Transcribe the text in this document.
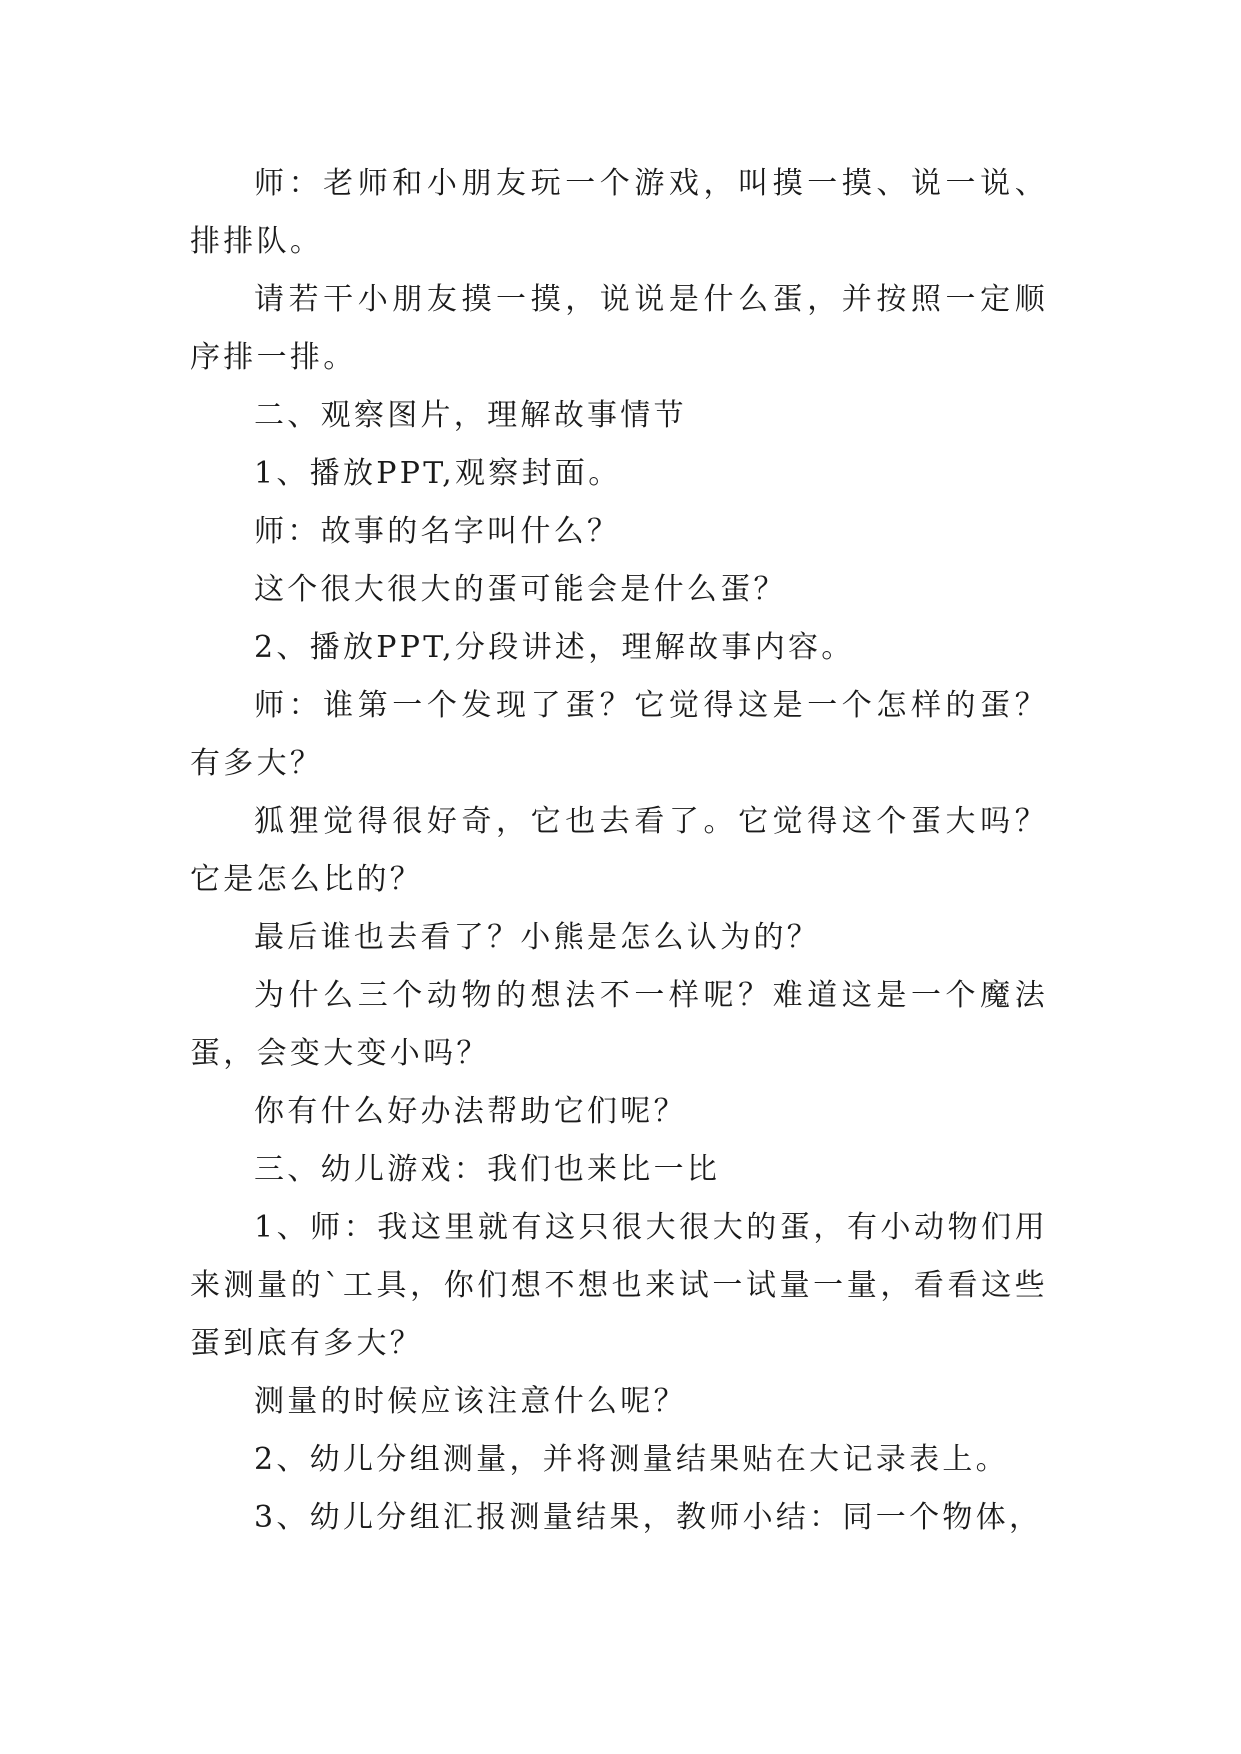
师：老师和小朋友玩一个游戏，叫摸一摸、说一说、排排队。

请若干小朋友摸一摸，说说是什么蛋，并按照一定顺序排一排。

二、观察图片，理解故事情节

1、播放PPT,观察封面。

师：故事的名字叫什么？

这个很大很大的蛋可能会是什么蛋？

2、播放PPT,分段讲述，理解故事内容。

师：谁第一个发现了蛋？它觉得这是一个怎样的蛋？有多大？

狐狸觉得很好奇，它也去看了。它觉得这个蛋大吗？它是怎么比的？

最后谁也去看了？小熊是怎么认为的？

为什么三个动物的想法不一样呢？难道这是一个魔法蛋，会变大变小吗？

你有什么好办法帮助它们呢？

三、幼儿游戏：我们也来比一比

1、师：我这里就有这只很大很大的蛋，有小动物们用来测量的`工具，你们想不想也来试一试量一量，看看这些蛋到底有多大？

测量的时候应该注意什么呢？

2、幼儿分组测量，并将测量结果贴在大记录表上。

3、幼儿分组汇报测量结果，教师小结：同一个物体，
